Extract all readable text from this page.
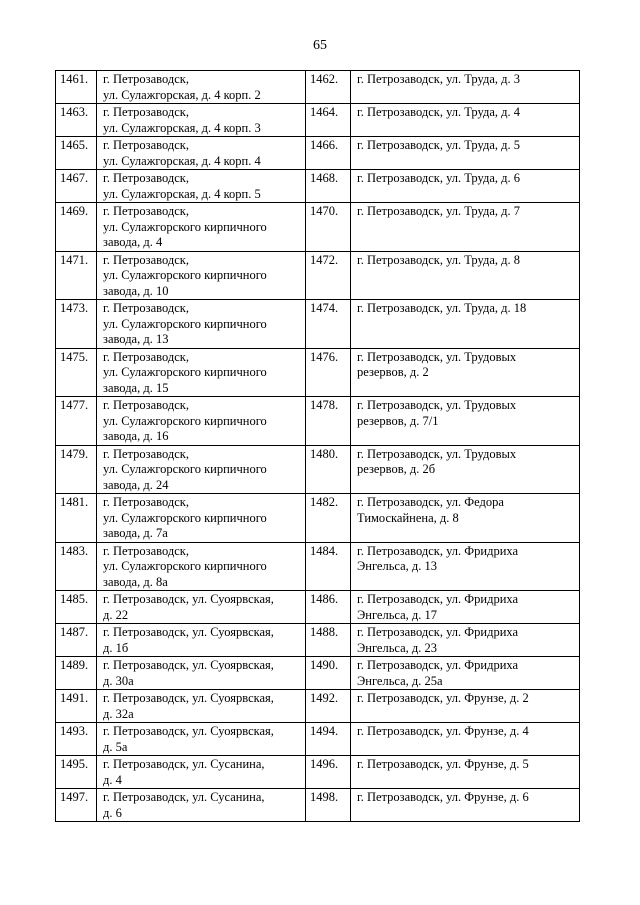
65
1461.	г. Петрозаводск,
ул. Сулажгорская, д. 4 корп. 2	1462.	г. Петрозаводск, ул. Труда, д. 3

1463.	г. Петрозаводск,
ул. Сулажгорская, д. 4 корп. 3	1464.	г. Петрозаводск, ул. Труда, д. 4

1465.	г. Петрозаводск,
ул. Сулажгорская, д. 4 корп. 4	1466.	г. Петрозаводск, ул. Труда, д. 5

1467.	г. Петрозаводск,
ул. Сулажгорская, д. 4 корп. 5	1468.	г. Петрозаводск, ул. Труда, д. 6

1469.	г. Петрозаводск,
ул. Сулажгорского кирпичного
завода, д. 4	1470.	г. Петрозаводск, ул. Труда, д. 7

1471.	г. Петрозаводск,
ул. Сулажгорского кирпичного
завода, д. 10	1472.	г. Петрозаводск, ул. Труда, д. 8

1473.	г. Петрозаводск,
ул. Сулажгорского кирпичного
завода, д. 13	1474.	г. Петрозаводск, ул. Труда, д. 18

1475.	г. Петрозаводск,
ул. Сулажгорского кирпичного
завода, д. 15	1476.	г. Петрозаводск, ул. Трудовых
резервов, д. 2

1477.	г. Петрозаводск,
ул. Сулажгорского кирпичного
завода, д. 16	1478.	г. Петрозаводск, ул. Трудовых
резервов, д. 7/1

1479.	г. Петрозаводск,
ул. Сулажгорского кирпичного
завода, д. 24	1480.	г. Петрозаводск, ул. Трудовых
резервов, д. 2б

1481.	г. Петрозаводск,
ул. Сулажгорского кирпичного
завода, д. 7а	1482.	г. Петрозаводск, ул. Федора
Тимоскайнена, д. 8

1483.	г. Петрозаводск,
ул. Сулажгорского кирпичного
завода, д. 8а	1484.	г. Петрозаводск, ул. Фридриха
Энгельса, д. 13

1485.	г. Петрозаводск, ул. Суоярвская,
д. 22	1486.	г. Петрозаводск, ул. Фридриха
Энгельса, д. 17

1487.	г. Петрозаводск, ул. Суоярвская,
д. 1б	1488.	г. Петрозаводск, ул. Фридриха
Энгельса, д. 23

1489.	г. Петрозаводск, ул. Суоярвская,
д. 30а	1490.	г. Петрозаводск, ул. Фридриха
Энгельса, д. 25а

1491.	г. Петрозаводск, ул. Суоярвская,
д. 32а	1492.	г. Петрозаводск, ул. Фрунзе, д. 2

1493.	г. Петрозаводск, ул. Суоярвская,
д. 5а	1494.	г. Петрозаводск, ул. Фрунзе, д. 4

1495.	г. Петрозаводск, ул. Сусанина,
д. 4	1496.	г. Петрозаводск, ул. Фрунзе, д. 5

1497.	г. Петрозаводск, ул. Сусанина,
д. 6	1498.	г. Петрозаводск, ул. Фрунзе, д. 6
